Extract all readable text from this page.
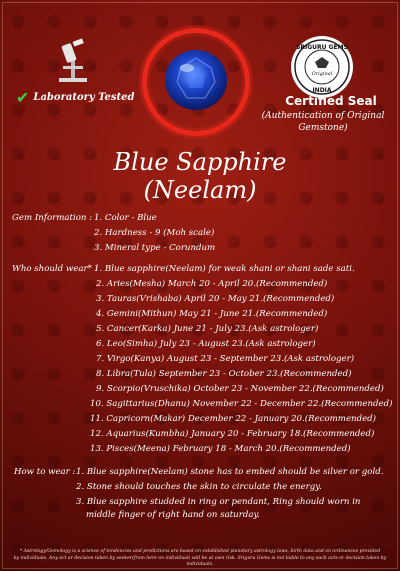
✔ Laboratory Tested
SRIGURU GEMS
INDIA
Original
Certified Seal
(Authentication of Original
Gemstone)
Blue Sapphire
(Neelam)
Gem Information : 1. Color - Blue
2. Hardness - 9 (Moh scale)
3. Mineral type - Corundum
Who should wear* :
1. Blue sapphire(Neelam) for weak shani or shani sade sati.
2. Aries(Mesha) March 20 - April 20.(Recommended)
3. Tauras(Vrishaba) April 20 - May 21.(Recommended)
4. Gemini(Mithun) May 21 - June 21.(Recommended)
5. Cancer(Karka) June 21 - July 23.(Ask astrologer)
6. Leo(Simha) July 23 - August 23.(Ask astrologer)
7. Virgo(Kanya) August 23 - September 23.(Ask astrologer)
8. Libra(Tula) September 23 - October 23.(Recommended)
9. Scorpio(Vruschika) October 23 - November 22.(Recommended)
10. Sagittarius(Dhanu) November 22 - December 22.(Recommended)
11. Capricorn(Makar) December 22 - January 20.(Recommended)
12. Aquarius(Kumbha) January 20 - February 18.(Recommended)
13. Pisces(Meena) February 18 - March 20.(Recommended)
How to wear : 1. Blue sapphire(Neelam) stone has to embed should be silver or gold.
2. Stone should touches the skin to circulate the energy.
3. Blue sapphire studded in ring or pendant, Ring should worn in
middle finger of right hand on saturday.
* Astrology/Gemology is a science of tendencies and predictions are based on established planetary astrology laws, birth data and on ordinances provided
by individuals. Any act or decision taken by seeker(from here on individual) will be at own risk. Sriguru Gems is not liable to any such acts or decision taken by individuals.
